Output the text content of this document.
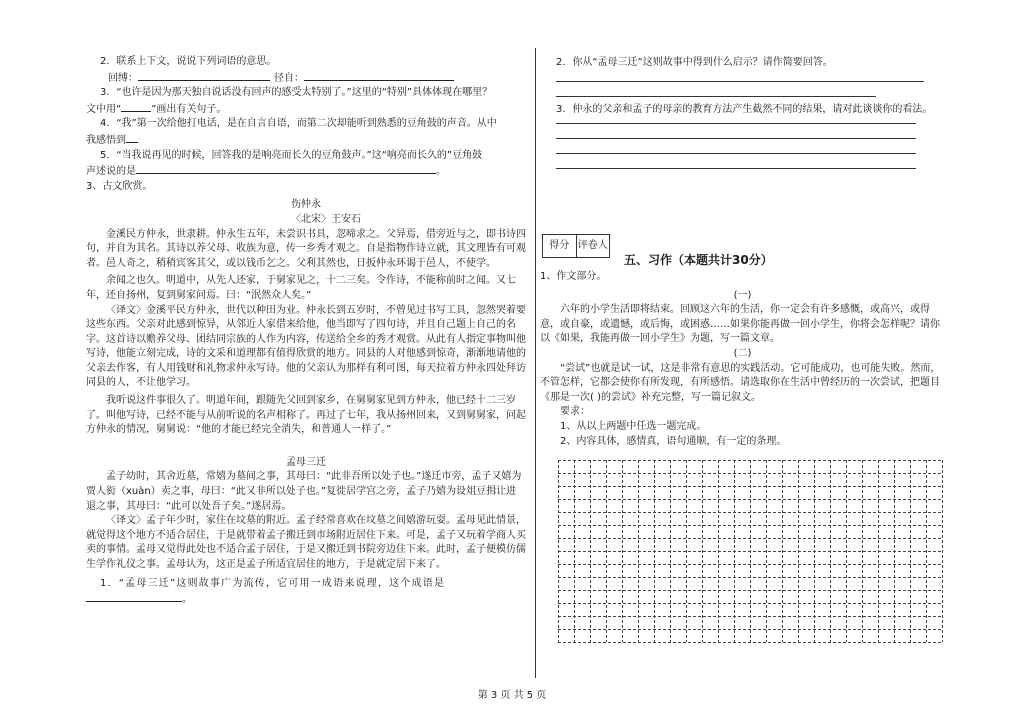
2．联系上下文，说说下列词语的意思。

回缚：	径自：

3．“也许是因为那天独自说话没有回声的感受太特别了。”这里的“特别”具体体现在哪里？

文中用“	”画出有关句子。

4．“我”第一次给他打电话，是在自言自语，而第二次却能听到熟悉的豆角鼓的声音。从中

我感悟到

5．“当我说再见的时候，回答我的是响亮而长久的豆角鼓声。”这“响亮而长久的”豆角鼓

声述说的是	。

3、古文欣赏。

伤仲永

〈北宋〉王安石

金溪民方仲永，世隶耕。仲永生五年，未尝识书具，忽啼求之。父异焉，借旁近与之，即书诗四句，并自为其名。其诗以养父母、收族为意，传一乡秀才观之。自是指物作诗立就，其文理皆有可观者。邑人奇之，稍稍宾客其父，或以钱币乞之。父利其然也，日扳仲永环谒于邑人，不使学。

余闻之也久。明道中，从先人还家，于舅家见之，十二三矣。令作诗，不能称前时之闻。又七年，还自扬州，复到舅家问焉。曰：“泯然众人矣。”

〈译文〉金溪平民方仲永，世代以种田为业。仲永长到五岁时，不曾见过书写工具，忽然哭着要这些东西。父亲对此感到惊异，从邻近人家借来给他，他当即写了四句诗，并且自己题上自己的名字。这首诗以赡养父母、团结同宗族的人作为内容，传送给全乡的秀才观赏。从此有人指定事物叫他写诗，他能立刻完成，诗的文采和道理都有值得欣赏的地方。同县的人对他感到惊奇，渐渐地请他的父亲去作客，有人用钱财和礼物求仲永写诗。他的父亲认为那样有利可图，每天拉着方仲永四处拜访同县的人，不让他学习。

我听说这件事很久了。明道年间，跟随先父回到家乡，在舅舅家见到方仲永，他已经十二三岁了。叫他写诗，已经不能与从前听说的名声相称了。再过了七年，我从扬州回来，又到舅舅家，问起方仲永的情况，舅舅说：“他的才能已经完全消失，和普通人一样了。”

孟母三迁

孟子幼时，其舍近墓，常嬉为墓间之事，其母曰：“此非吾所以处子也。”遂迁市旁，孟子又嬉为贾人衒（xuàn）卖之事，母曰：“此又非所以处子也。”复徙居学宫之旁，孟子乃嬉为设俎豆揖让进退之事，其母曰：“此可以处吾子矣。”遂居焉。

〈译文〉孟子年少时，家住在坟墓的附近。孟子经常喜欢在坟墓之间嬉游玩耍。孟母见此情景，就觉得这个地方不适合居住，于是就带着孟子搬迁到市场附近居住下来。可是，孟子又玩着学商人买卖的事情。孟母又觉得此处也不适合孟子居住，于是又搬迁到书院旁边住下来。此时，孟子便模仿儒生学作礼仪之事。孟母认为，这正是孟子所适宜居住的地方，于是就定居下来了。

1．“孟母三迁”这则故事广为流传，它可用一成语来说理，这个成语是

。

2．你从“孟母三迁”这则故事中得到什么启示？请作简要回答。

3．仲永的父亲和孟子的母亲的教育方法产生截然不同的结果，请对此谈谈你的看法。

得分 评卷人
五、习作（本题共计30分）

1、作文部分。

(一)

六年的小学生活即将结束。回顾这六年的生活，你一定会有许多感慨，或高兴，或得意，或自豪，或遗憾，或后悔，或困惑……如果你能再做一回小学生，你将会怎样呢？请你以《如果，我能再做一回小学生》为题，写一篇文章。

(二)

“尝试”也就是试一试，这是非常有意思的实践活动。它可能成功，也可能失败。然而，不管怎样，它都会使你有所发现，有所感悟。请选取你在生活中曾经历的一次尝试，把题目《那是一次( )的尝试》补充完整，写一篇记叙文。

要求：

1、从以上两题中任选一题完成。

2、内容具体，感情真，语句通顺，有一定的条理。

第 3 页 共 5 页
